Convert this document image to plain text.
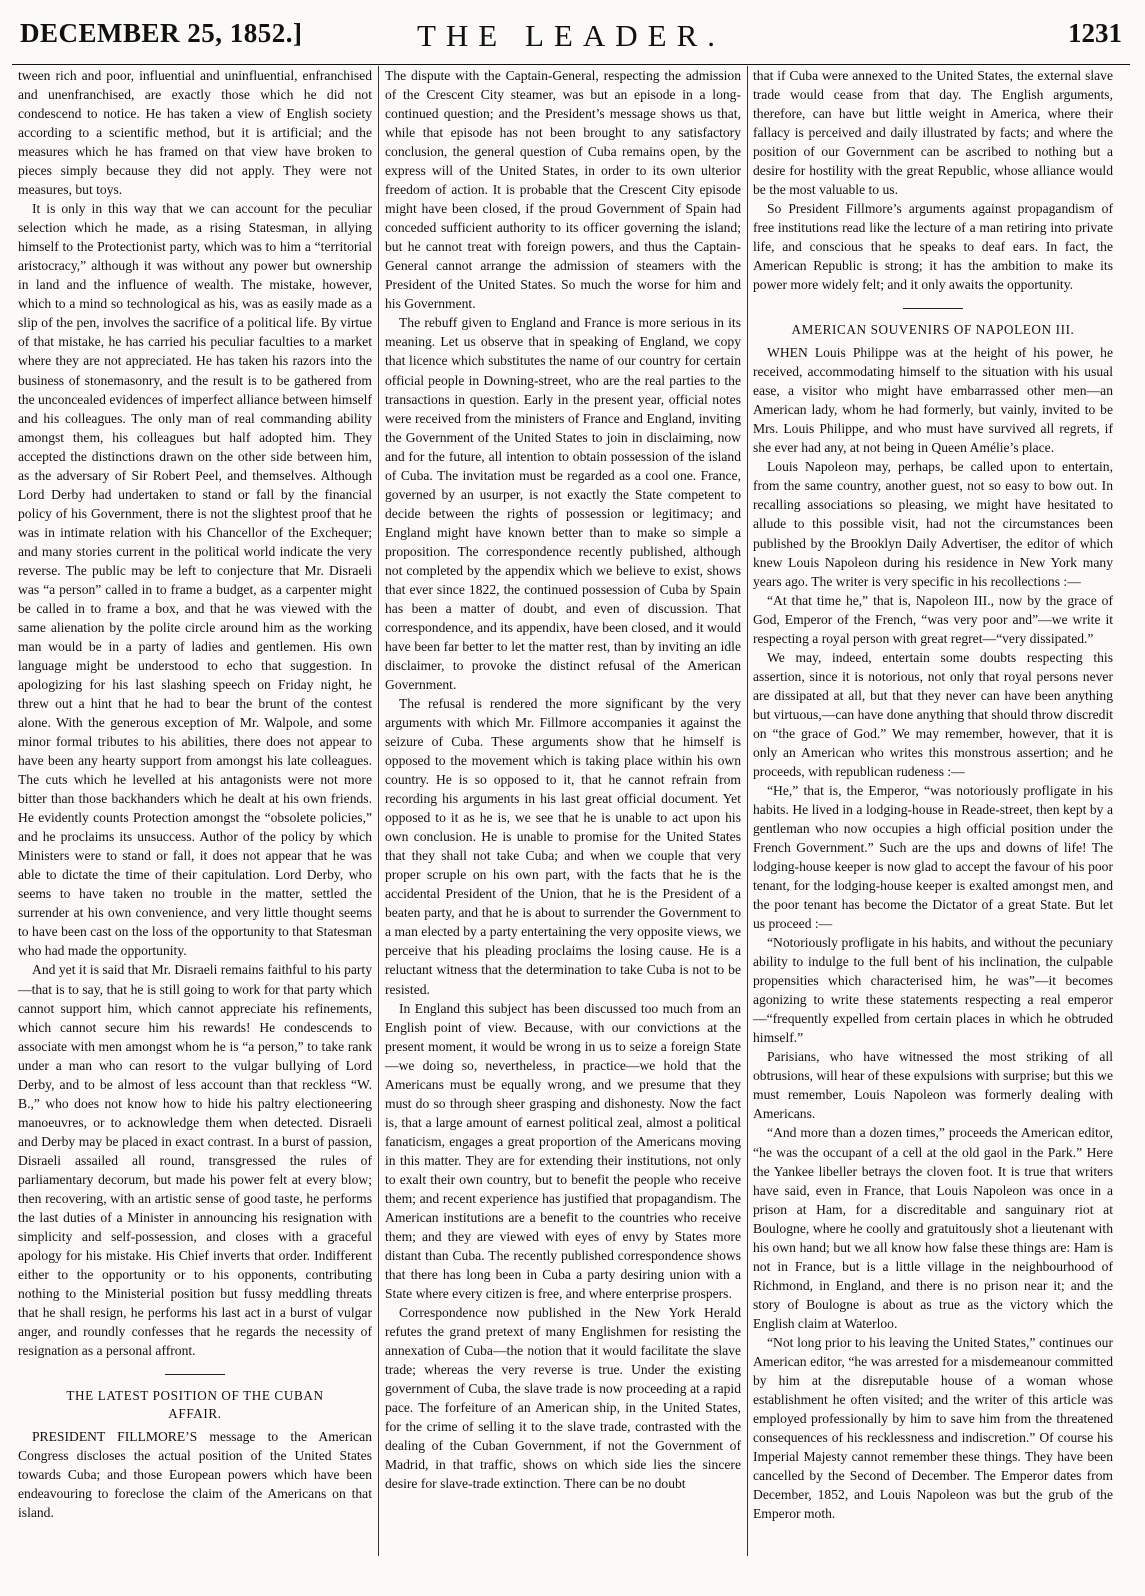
DECEMBER 25, 1852.]	THE LEADER.	1231

tween rich and poor, influential and uninfluential, enfranchised and unenfranchised, are exactly those which he did not condescend to notice. He has taken a view of English society according to a scientific method, but it is artificial; and the measures which he has framed on that view have broken to pieces simply because they did not apply. They were not measures, but toys.

It is only in this way that we can account for the peculiar selection which he made, as a rising Statesman, in allying himself to the Protectionist party, which was to him a “territorial aristocracy,” although it was without any power but ownership in land and the influence of wealth. The mistake, however, which to a mind so technological as his, was as easily made as a slip of the pen, involves the sacrifice of a political life. By virtue of that mistake, he has carried his peculiar faculties to a market where they are not appreciated. He has taken his razors into the business of stonemasonry, and the result is to be gathered from the unconcealed evidences of imperfect alliance between himself and his colleagues. The only man of real commanding ability amongst them, his colleagues but half adopted him. They accepted the distinctions drawn on the other side between him, as the adversary of Sir Robert Peel, and themselves. Although Lord Derby had undertaken to stand or fall by the financial policy of his Government, there is not the slightest proof that he was in intimate relation with his Chancellor of the Exchequer; and many stories current in the political world indicate the very reverse. The public may be left to conjecture that Mr. Disraeli was “a person” called in to frame a budget, as a carpenter might be called in to frame a box, and that he was viewed with the same alienation by the polite circle around him as the working man would be in a party of ladies and gentlemen. His own language might be understood to echo that suggestion. In apologizing for his last slashing speech on Friday night, he threw out a hint that he had to bear the brunt of the contest alone. With the generous exception of Mr. Walpole, and some minor formal tributes to his abilities, there does not appear to have been any hearty support from amongst his late colleagues. The cuts which he levelled at his antagonists were not more bitter than those backhanders which he dealt at his own friends. He evidently counts Protection amongst the “obsolete policies,” and he proclaims its unsuccess. Author of the policy by which Ministers were to stand or fall, it does not appear that he was able to dictate the time of their capitulation. Lord Derby, who seems to have taken no trouble in the matter, settled the surrender at his own convenience, and very little thought seems to have been cast on the loss of the opportunity to that Statesman who had made the opportunity.

And yet it is said that Mr. Disraeli remains faithful to his party—that is to say, that he is still going to work for that party which cannot support him, which cannot appreciate his refinements, which cannot secure him his rewards! He condescends to associate with men amongst whom he is “a person,” to take rank under a man who can resort to the vulgar bullying of Lord Derby, and to be almost of less account than that reckless “W. B.,” who does not know how to hide his paltry electioneering manoeuvres, or to acknowledge them when detected. Disraeli and Derby may be placed in exact contrast. In a burst of passion, Disraeli assailed all round, transgressed the rules of parliamentary decorum, but made his power felt at every blow; then recovering, with an artistic sense of good taste, he performs the last duties of a Minister in announcing his resignation with simplicity and self-possession, and closes with a graceful apology for his mistake. His Chief inverts that order. Indifferent either to the opportunity or to his opponents, contributing nothing to the Ministerial position but fussy meddling threats that he shall resign, he performs his last act in a burst of vulgar anger, and roundly confesses that he regards the necessity of resignation as a personal affront.

THE LATEST POSITION OF THE CUBAN
AFFAIR.

PRESIDENT FILLMORE’S message to the American Congress discloses the actual position of the United States towards Cuba; and those European powers which have been endeavouring to foreclose the claim of the Americans on that island.

The dispute with the Captain-General, respecting the admission of the Crescent City steamer, was but an episode in a long-continued question; and the President’s message shows us that, while that episode has not been brought to any satisfactory conclusion, the general question of Cuba remains open, by the express will of the United States, in order to its own ulterior freedom of action. It is probable that the Crescent City episode might have been closed, if the proud Government of Spain had conceded sufficient authority to its officer governing the island; but he cannot treat with foreign powers, and thus the Captain-General cannot arrange the admission of steamers with the President of the United States. So much the worse for him and his Government.

The rebuff given to England and France is more serious in its meaning. Let us observe that in speaking of England, we copy that licence which substitutes the name of our country for certain official people in Downing-street, who are the real parties to the transactions in question. Early in the present year, official notes were received from the ministers of France and England, inviting the Government of the United States to join in disclaiming, now and for the future, all intention to obtain possession of the island of Cuba. The invitation must be regarded as a cool one. France, governed by an usurper, is not exactly the State competent to decide between the rights of possession or legitimacy; and England might have known better than to make so simple a proposition. The correspondence recently published, although not completed by the appendix which we believe to exist, shows that ever since 1822, the continued possession of Cuba by Spain has been a matter of doubt, and even of discussion. That correspondence, and its appendix, have been closed, and it would have been far better to let the matter rest, than by inviting an idle disclaimer, to provoke the distinct refusal of the American Government.

The refusal is rendered the more significant by the very arguments with which Mr. Fillmore accompanies it against the seizure of Cuba. These arguments show that he himself is opposed to the movement which is taking place within his own country. He is so opposed to it, that he cannot refrain from recording his arguments in his last great official document. Yet opposed to it as he is, we see that he is unable to act upon his own conclusion. He is unable to promise for the United States that they shall not take Cuba; and when we couple that very proper scruple on his own part, with the facts that he is the accidental President of the Union, that he is the President of a beaten party, and that he is about to surrender the Government to a man elected by a party entertaining the very opposite views, we perceive that his pleading proclaims the losing cause. He is a reluctant witness that the determination to take Cuba is not to be resisted.

In England this subject has been discussed too much from an English point of view. Because, with our convictions at the present moment, it would be wrong in us to seize a foreign State—we doing so, nevertheless, in practice—we hold that the Americans must be equally wrong, and we presume that they must do so through sheer grasping and dishonesty. Now the fact is, that a large amount of earnest political zeal, almost a political fanaticism, engages a great proportion of the Americans moving in this matter. They are for extending their institutions, not only to exalt their own country, but to benefit the people who receive them; and recent experience has justified that propagandism. The American institutions are a benefit to the countries who receive them; and they are viewed with eyes of envy by States more distant than Cuba. The recently published correspondence shows that there has long been in Cuba a party desiring union with a State where every citizen is free, and where enterprise prospers.

Correspondence now published in the New York Herald refutes the grand pretext of many Englishmen for resisting the annexation of Cuba—the notion that it would facilitate the slave trade; whereas the very reverse is true. Under the existing government of Cuba, the slave trade is now proceeding at a rapid pace. The forfeiture of an American ship, in the United States, for the crime of selling it to the slave trade, contrasted with the dealing of the Cuban Government, if not the Government of Madrid, in that traffic, shows on which side lies the sincere desire for slave-trade extinction. There can be no doubt

that if Cuba were annexed to the United States, the external slave trade would cease from that day. The English arguments, therefore, can have but little weight in America, where their fallacy is perceived and daily illustrated by facts; and where the position of our Government can be ascribed to nothing but a desire for hostility with the great Republic, whose alliance would be the most valuable to us.

So President Fillmore’s arguments against propagandism of free institutions read like the lecture of a man retiring into private life, and conscious that he speaks to deaf ears. In fact, the American Republic is strong; it has the ambition to make its power more widely felt; and it only awaits the opportunity.

AMERICAN SOUVENIRS OF NAPOLEON III.

WHEN Louis Philippe was at the height of his power, he received, accommodating himself to the situation with his usual ease, a visitor who might have embarrassed other men—an American lady, whom he had formerly, but vainly, invited to be Mrs. Louis Philippe, and who must have survived all regrets, if she ever had any, at not being in Queen Amélie’s place.

Louis Napoleon may, perhaps, be called upon to entertain, from the same country, another guest, not so easy to bow out. In recalling associations so pleasing, we might have hesitated to allude to this possible visit, had not the circumstances been published by the Brooklyn Daily Advertiser, the editor of which knew Louis Napoleon during his residence in New York many years ago. The writer is very specific in his recollections :—

“At that time he,” that is, Napoleon III., now by the grace of God, Emperor of the French, “was very poor and”—we write it respecting a royal person with great regret—“very dissipated.”

We may, indeed, entertain some doubts respecting this assertion, since it is notorious, not only that royal persons never are dissipated at all, but that they never can have been anything but virtuous,—can have done anything that should throw discredit on “the grace of God.” We may remember, however, that it is only an American who writes this monstrous assertion; and he proceeds, with republican rudeness :—

“He,” that is, the Emperor, “was notoriously profligate in his habits. He lived in a lodging-house in Reade-street, then kept by a gentleman who now occupies a high official position under the French Government.” Such are the ups and downs of life! The lodging-house keeper is now glad to accept the favour of his poor tenant, for the lodging-house keeper is exalted amongst men, and the poor tenant has become the Dictator of a great State. But let us proceed :—

“Notoriously profligate in his habits, and without the pecuniary ability to indulge to the full bent of his inclination, the culpable propensities which characterised him, he was”—it becomes agonizing to write these statements respecting a real emperor—“frequently expelled from certain places in which he obtruded himself.”

Parisians, who have witnessed the most striking of all obtrusions, will hear of these expulsions with surprise; but this we must remember, Louis Napoleon was formerly dealing with Americans.

“And more than a dozen times,” proceeds the American editor, “he was the occupant of a cell at the old gaol in the Park.” Here the Yankee libeller betrays the cloven foot. It is true that writers have said, even in France, that Louis Napoleon was once in a prison at Ham, for a discreditable and sanguinary riot at Boulogne, where he coolly and gratuitously shot a lieutenant with his own hand; but we all know how false these things are: Ham is not in France, but is a little village in the neighbourhood of Richmond, in England, and there is no prison near it; and the story of Boulogne is about as true as the victory which the English claim at Waterloo.

“Not long prior to his leaving the United States,” continues our American editor, “he was arrested for a misdemeanour committed by him at the disreputable house of a woman whose establishment he often visited; and the writer of this article was employed professionally by him to save him from the threatened consequences of his recklessness and indiscretion.” Of course his Imperial Majesty cannot remember these things. They have been cancelled by the Second of December. The Emperor dates from December, 1852, and Louis Napoleon was but the grub of the Emperor moth.
